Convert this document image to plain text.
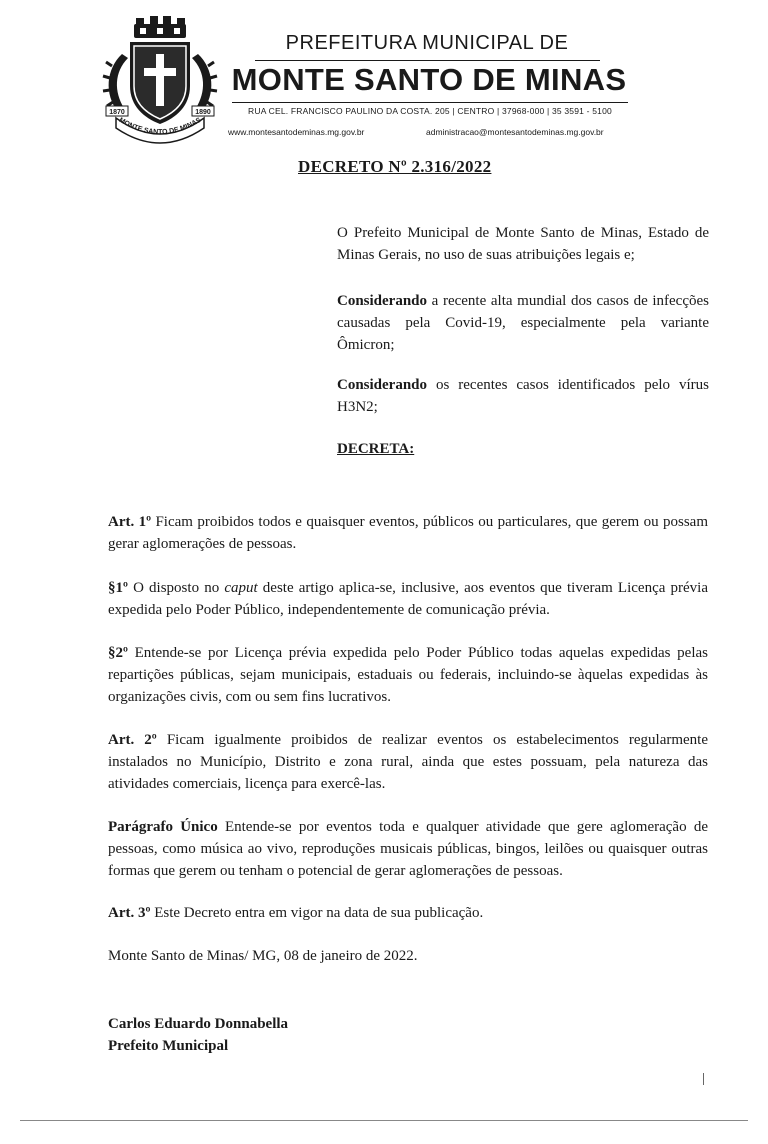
1870	1890
MONTE SANTO DE MINAS
PREFEITURA MUNICIPAL DE
MONTE SANTO DE MINAS
RUA CEL. FRANCISCO PAULINO DA COSTA. 205 | CENTRO | 37968-000 | 35 3591 - 5100
www.montesantodeminas.mg.gov.br	administracao@montesantodeminas.mg.gov.br
DECRETO Nº 2.316/2022
O Prefeito Municipal de Monte Santo de Minas, Estado de Minas Gerais, no uso de suas atribuições legais e;
Considerando a recente alta mundial dos casos de infecções causadas pela Covid-19, especialmente pela variante Ômicron;
Considerando os recentes casos identificados pelo vírus H3N2;
DECRETA:
Art. 1º Ficam proibidos todos e quaisquer eventos, públicos ou particulares, que gerem ou possam gerar aglomerações de pessoas.
§1º O disposto no caput deste artigo aplica-se, inclusive, aos eventos que tiveram Licença prévia expedida pelo Poder Público, independentemente de comunicação prévia.
§2º Entende-se por Licença prévia expedida pelo Poder Público todas aquelas expedidas pelas repartições públicas, sejam municipais, estaduais ou federais, incluindo-se àquelas expedidas às organizações civis, com ou sem fins lucrativos.
Art. 2º Ficam igualmente proibidos de realizar eventos os estabelecimentos regularmente instalados no Município, Distrito e zona rural, ainda que estes possuam, pela natureza das atividades comerciais, licença para exercê-las.
Parágrafo Único Entende-se por eventos toda e qualquer atividade que gere aglomeração de pessoas, como música ao vivo, reproduções musicais públicas, bingos, leilões ou quaisquer outras formas que gerem ou tenham o potencial de gerar aglomerações de pessoas.
Art. 3º Este Decreto entra em vigor na data de sua publicação.
Monte Santo de Minas/ MG, 08 de janeiro de 2022.
Carlos Eduardo Donnabella
Prefeito Municipal
